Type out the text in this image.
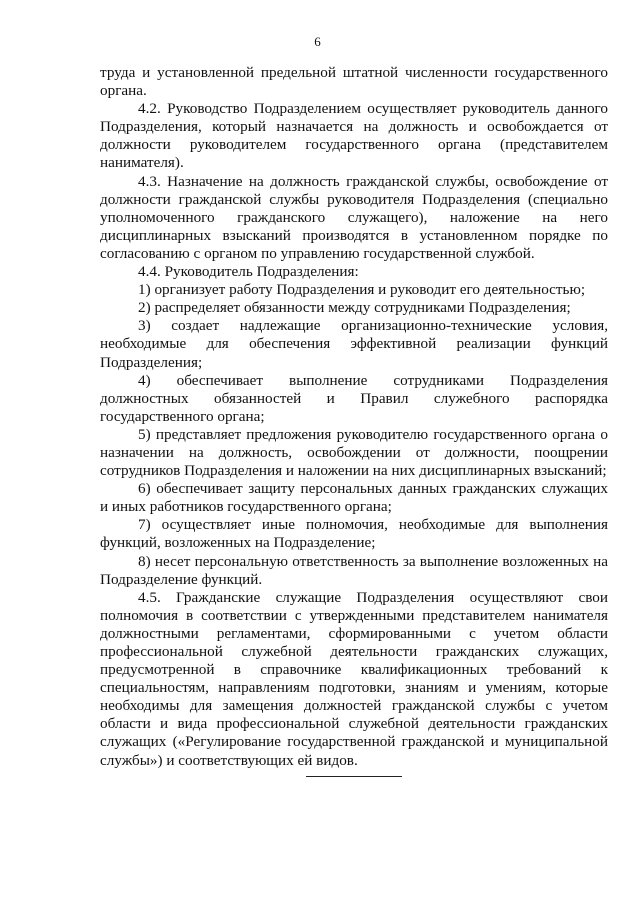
6

труда и установленной предельной штатной численности государственного органа.

4.2. Руководство Подразделением осуществляет руководитель данного Подразделения, который назначается на должность и освобождается от должности руководителем государственного органа (представителем нанимателя).

4.3. Назначение на должность гражданской службы, освобождение от должности гражданской службы руководителя Подразделения (специально уполномоченного гражданского служащего), наложение на него дисциплинарных взысканий производятся в установленном порядке по согласованию с органом по управлению государственной службой.

4.4. Руководитель Подразделения:

1) организует работу Подразделения и руководит его деятельностью;

2) распределяет обязанности между сотрудниками Подразделения;

3) создает надлежащие организационно-технические условия, необходимые для обеспечения эффективной реализации функций Подразделения;

4) обеспечивает выполнение сотрудниками Подразделения должностных обязанностей и Правил служебного распорядка государственного органа;

5) представляет предложения руководителю государственного органа о назначении на должность, освобождении от должности, поощрении сотрудников Подразделения и наложении на них дисциплинарных взысканий;

6) обеспечивает защиту персональных данных гражданских служащих и иных работников государственного органа;

7) осуществляет иные полномочия, необходимые для выполнения функций, возложенных на Подразделение;

8) несет персональную ответственность за выполнение возложенных на Подразделение функций.

4.5. Гражданские служащие Подразделения осуществляют свои полномочия в соответствии с утвержденными представителем нанимателя должностными регламентами, сформированными с учетом области профессиональной служебной деятельности гражданских служащих, предусмотренной в справочнике квалификационных требований к специальностям, направлениям подготовки, знаниям и умениям, которые необходимы для замещения должностей гражданской службы с учетом области и вида профессиональной служебной деятельности гражданских служащих («Регулирование государственной гражданской и муниципальной службы») и соответствующих ей видов.
